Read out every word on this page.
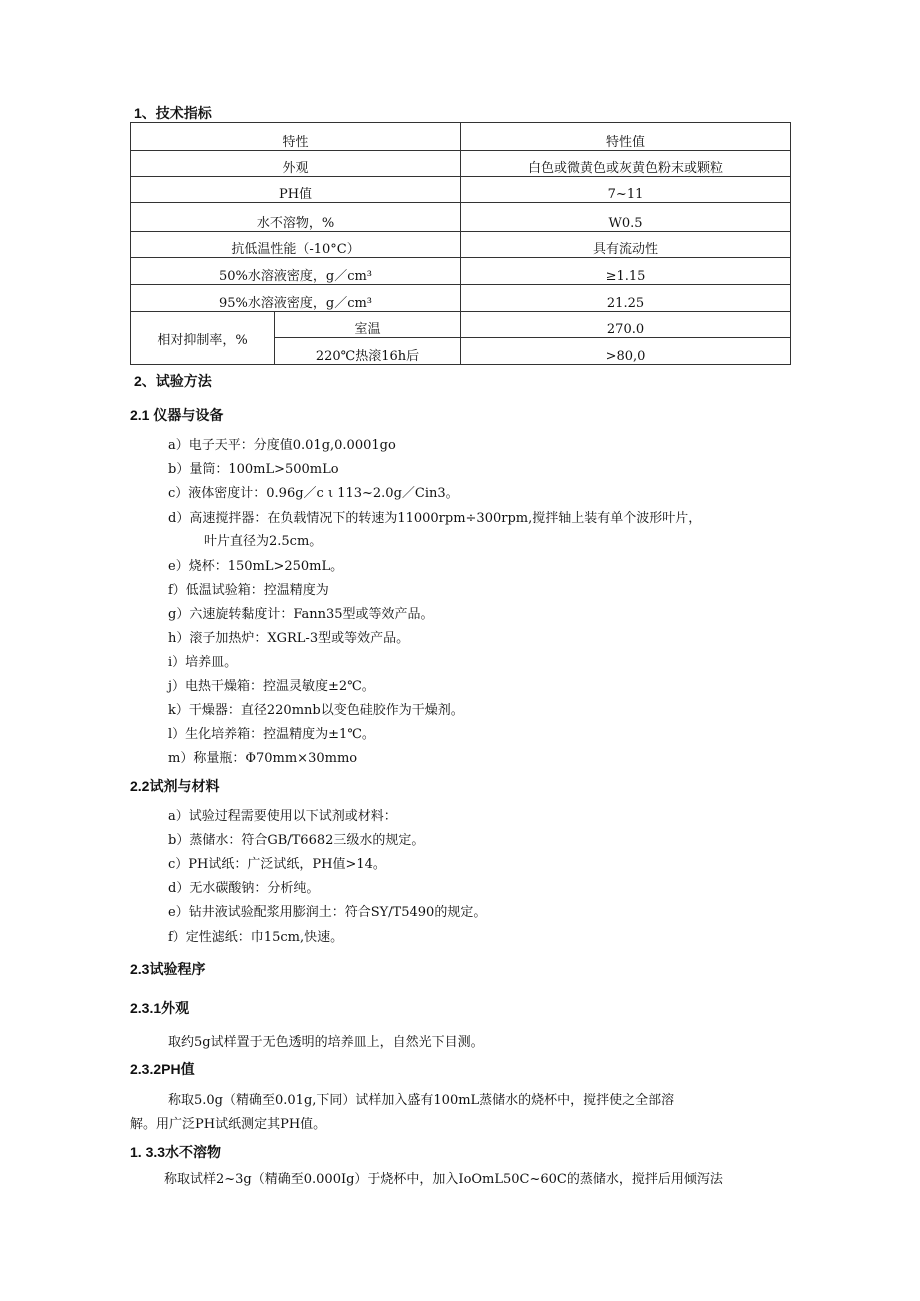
1、技术指标
特性		特性值
外观		白色或微黄色或灰黄色粉末或颗粒
PH值		7~11
水不溶物，%		W0.5
抗低温性能（-10°C）		具有流动性
50%水溶液密度，g／cm³		≥1.15
95%水溶液密度，g／cm³		21.25
相对抑制率，%	室温	270.0
	220℃热滚16h后	>80,0
2、试验方法
2.1 仪器与设备
a）电子天平：分度值0.01g,0.0001go
b）量筒：100mL>500mLo
c）液体密度计：0.96g／c ι 113~2.0g／Cin3。
d）高速搅拌器：在负载情况下的转速为11000rpm÷300rpm,搅拌轴上装有单个波形叶片，
叶片直径为2.5cm。
e）烧杯：150mL>250mL。
f）低温试验箱：控温精度为
g）六速旋转黏度计：Fann35型或等效产品。
h）滚子加热炉：XGRL-3型或等效产品。
i）培养皿。
j）电热干燥箱：控温灵敏度±2℃。
k）干燥器：直径220mnb以变色硅胶作为干燥剂。
l）生化培养箱：控温精度为±1℃。
m）称量瓶：Φ70mm×30mmo
2.2试剂与材料
a）试验过程需要使用以下试剂或材料：
b）蒸储水：符合GB/T6682三级水的规定。
c）PH试纸：广泛试纸，PH值>14。
d）无水碳酸钠：分析纯。
e）钻井液试验配浆用膨润土：符合SY/T5490的规定。
f）定性滤纸：巾15cm,快速。
2.3试验程序
2.3.1外观
取约5g试样置于无色透明的培养皿上，自然光下目测。
2.3.2PH值
称取5.0g（精确至0.01g,下同）试样加入盛有100mL蒸储水的烧杯中，搅拌使之全部溶
解。用广泛PH试纸测定其PH值。
1. 3.3水不溶物
称取试样2~3g（精确至0.000Ig）于烧杯中，加入IoOmL50C~60C的蒸储水，搅拌后用倾泻法
